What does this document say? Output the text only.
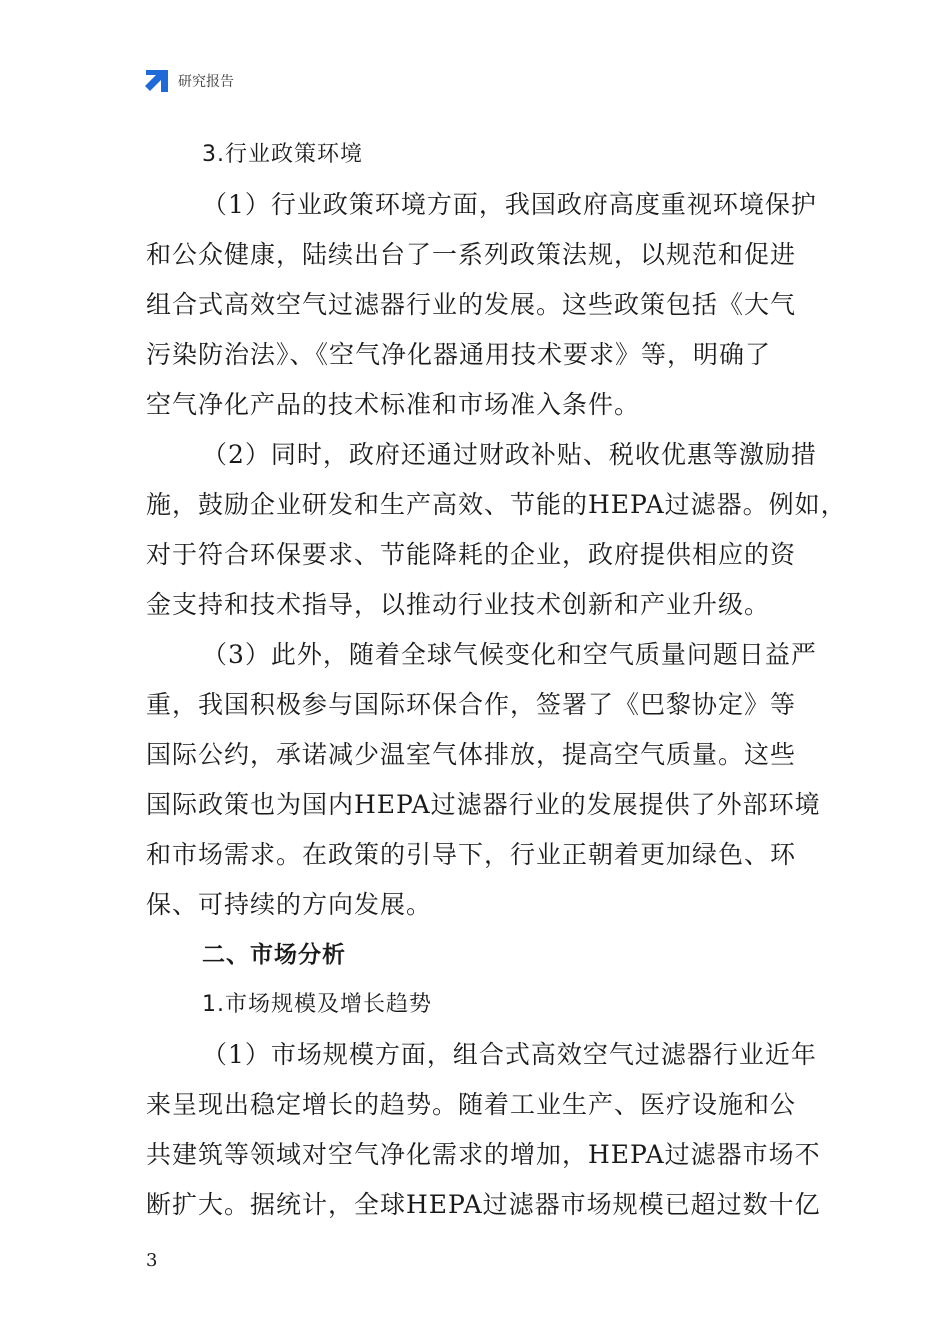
研究报告
3.行业政策环境
（1）行业政策环境方面，我国政府高度重视环境保护
和公众健康，陆续出台了一系列政策法规，以规范和促进
组合式高效空气过滤器行业的发展。这些政策包括《大气
污染防治法》、《空气净化器通用技术要求》等，明确了
空气净化产品的技术标准和市场准入条件。
（2）同时，政府还通过财政补贴、税收优惠等激励措
施，鼓励企业研发和生产高效、节能的HEPA过滤器。例如，
对于符合环保要求、节能降耗的企业，政府提供相应的资
金支持和技术指导，以推动行业技术创新和产业升级。
（3）此外，随着全球气候变化和空气质量问题日益严
重，我国积极参与国际环保合作，签署了《巴黎协定》等
国际公约，承诺减少温室气体排放，提高空气质量。这些
国际政策也为国内HEPA过滤器行业的发展提供了外部环境
和市场需求。在政策的引导下，行业正朝着更加绿色、环
保、可持续的方向发展。
二、市场分析
1.市场规模及增长趋势
（1）市场规模方面，组合式高效空气过滤器行业近年
来呈现出稳定增长的趋势。随着工业生产、医疗设施和公
共建筑等领域对空气净化需求的增加，HEPA过滤器市场不
断扩大。据统计，全球HEPA过滤器市场规模已超过数十亿
3
